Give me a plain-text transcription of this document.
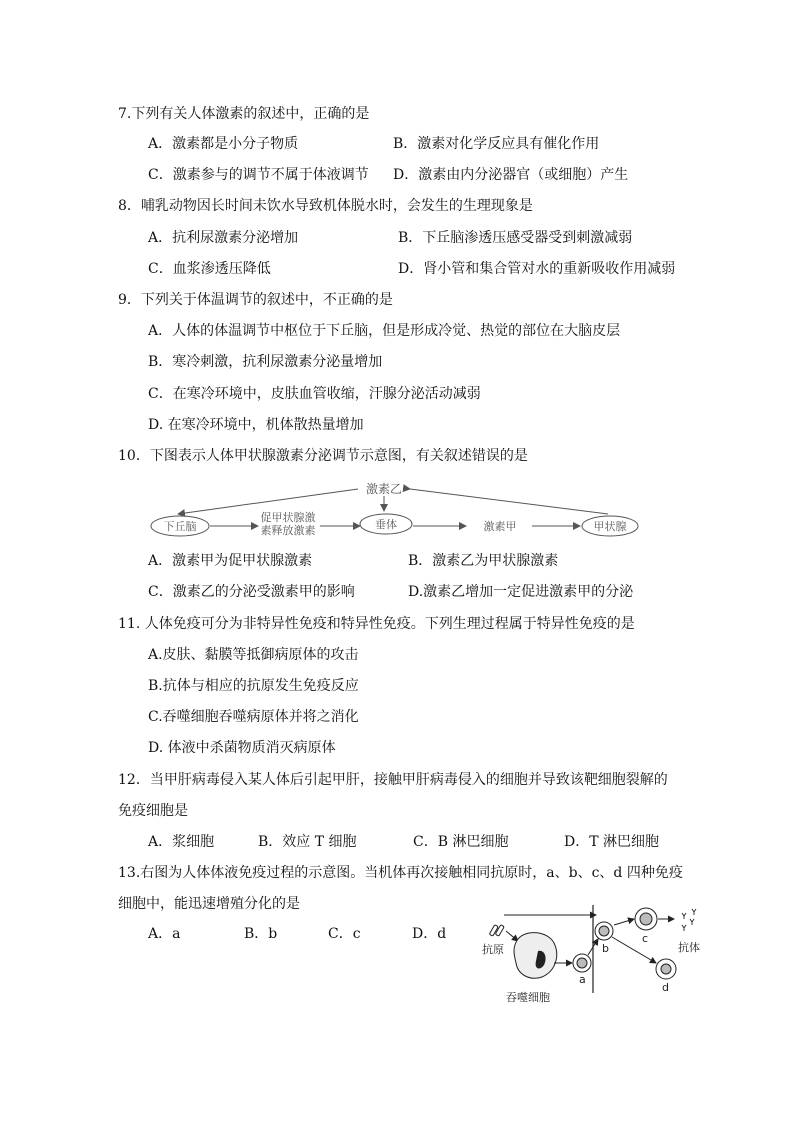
7.下列有关人体激素的叙述中，正确的是
A．激素都是小分子物质	B．激素对化学反应具有催化作用
C．激素参与的调节不属于体液调节 D．激素由内分泌器官（或细胞）产生
8．哺乳动物因长时间未饮水导致机体脱水时，会发生的生理现象是
A．抗利尿激素分泌增加	B．下丘脑渗透压感受器受到刺激减弱
C．血浆渗透压降低	D．肾小管和集合管对水的重新吸收作用减弱
9．下列关于体温调节的叙述中，不正确的是
A．人体的体温调节中枢位于下丘脑，但是形成冷觉、热觉的部位在大脑皮层
B．寒冷刺激，抗利尿激素分泌量增加
C．在寒冷环境中，皮肤血管收缩，汗腺分泌活动减弱
D. 在寒冷环境中，机体散热量增加
10．下图表示人体甲状腺激素分泌调节示意图，有关叙述错误的是
激素乙
下丘脑
促甲状腺激
素释放激素	垂体	激素甲	甲状腺
A．激素甲为促甲状腺激素	B．激素乙为甲状腺激素
C．激素乙的分泌受激素甲的影响	D.激素乙增加一定促进激素甲的分泌
11. 人体免疫可分为非特异性免疫和特异性免疫。下列生理过程属于特异性免疫的是
A.皮肤、黏膜等抵御病原体的攻击
B.抗体与相应的抗原发生免疫反应
C.吞噬细胞吞噬病原体并将之消化
D. 体液中杀菌物质消灭病原体
12．当甲肝病毒侵入某人体后引起甲肝，接触甲肝病毒侵入的细胞并导致该靶细胞裂解的
免疫细胞是
A．浆细胞	B．效应 T 细胞	C．B 淋巴细胞	D．T 淋巴细胞
13.右图为人体体液免疫过程的示意图。当机体再次接触相同抗原时，a、b、c、d 四种免疫
细胞中，能迅速增殖分化的是
A．a	B．b	C．c	D．d
抗原
吞噬细胞
a
b
c
抗体
d
